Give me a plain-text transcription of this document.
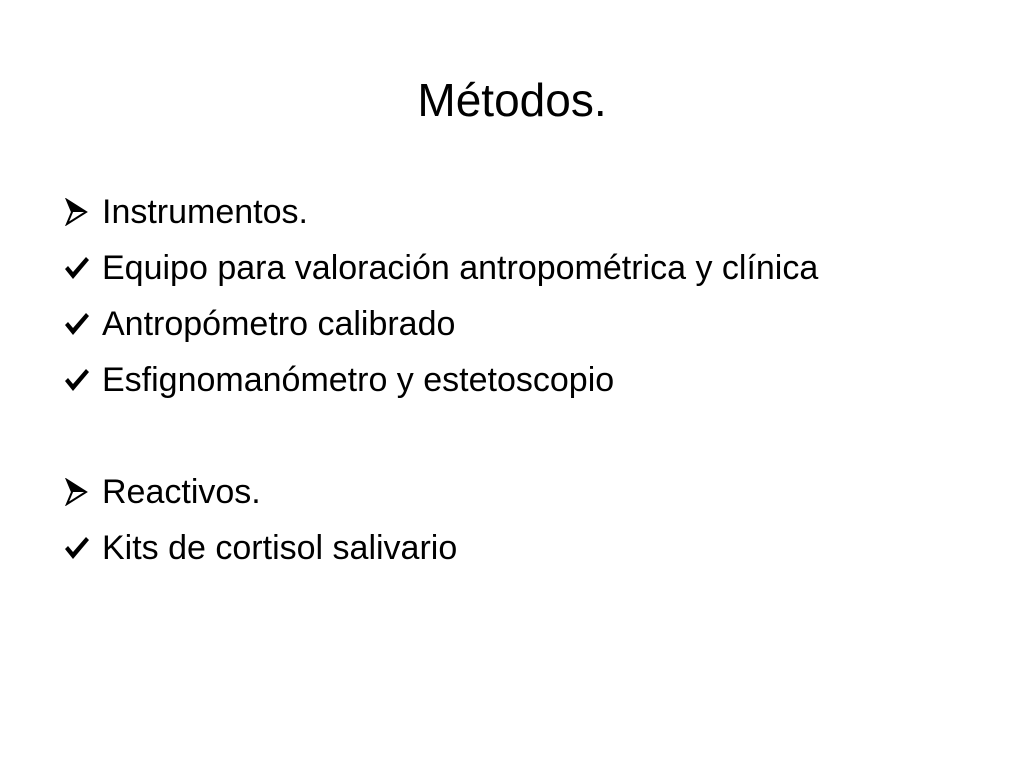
Métodos.
Instrumentos.
Equipo para valoración antropométrica y clínica
Antropómetro calibrado
Esfignomanómetro y estetoscopio
Reactivos.
Kits de cortisol salivario
